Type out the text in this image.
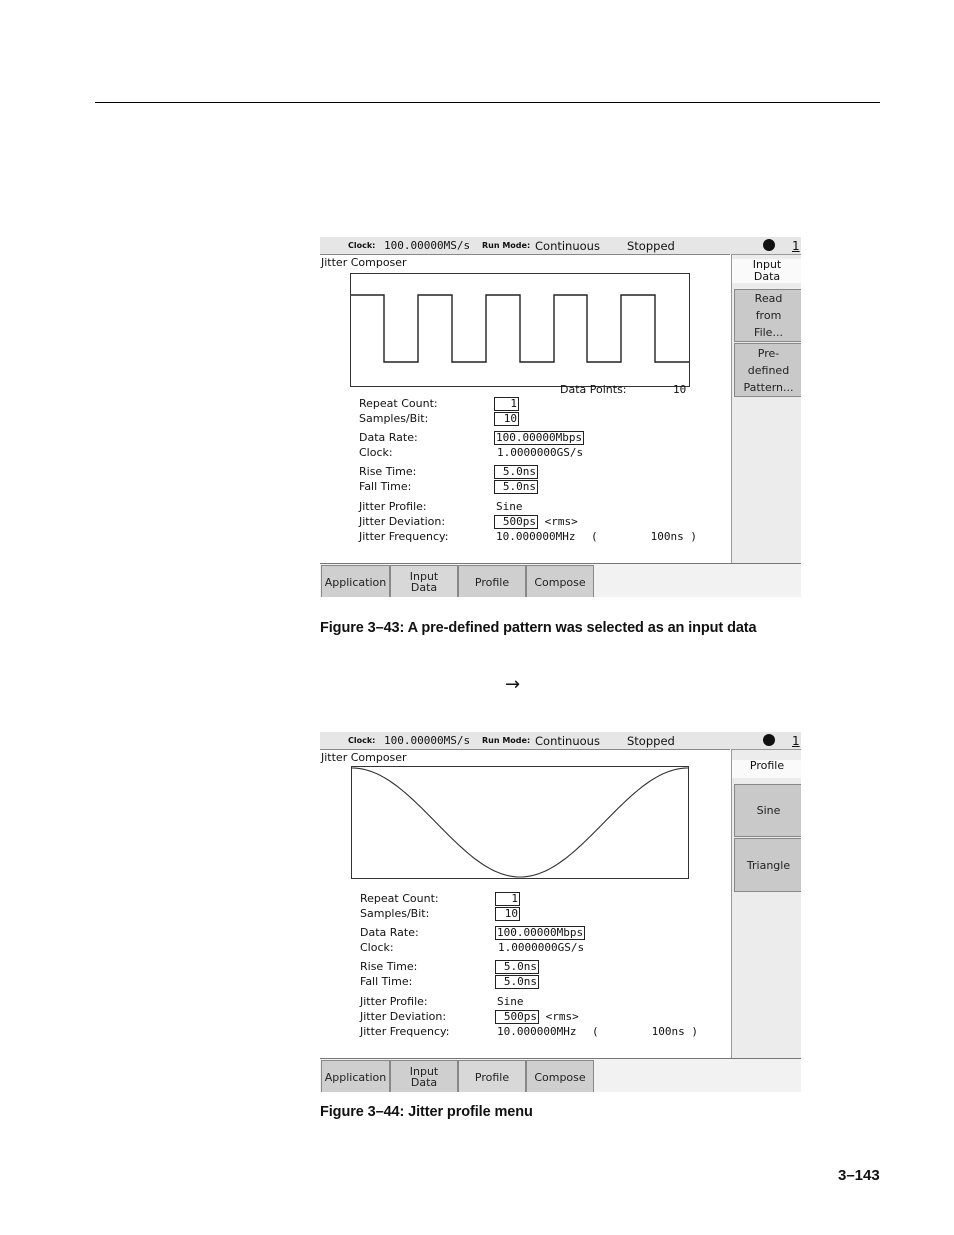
Clock: 100.00000MS/s Run Mode: Continuous Stopped	1
Jitter Composer
Data Points:	10
Repeat Count:	1
Samples/Bit:	10
Data Rate:	100.00000Mbps
Clock:	1.0000000GS/s
Rise Time:	5.0ns
Fall Time:	5.0ns
Jitter Profile:	Sine
Jitter Deviation:	500ps <rms>
Jitter Frequency:	10.000000MHz (        100ns )
Input
Data
Read
from
File...
Pre-
defined
Pattern...
Application	Input
Data	Profile	Compose
Figure 3–43: A pre-defined pattern was selected as an input data
→
Clock: 100.00000MS/s Run Mode: Continuous Stopped	1
Jitter Composer
Repeat Count:	1
Samples/Bit:	10
Data Rate:	100.00000Mbps
Clock:	1.0000000GS/s
Rise Time:	5.0ns
Fall Time:	5.0ns
Jitter Profile:	Sine
Jitter Deviation:	500ps <rms>
Jitter Frequency:	10.000000MHz (        100ns )
Profile
Sine
Triangle
Application	Input
Data	Profile	Compose
Figure 3–44: Jitter profile menu
3–143
